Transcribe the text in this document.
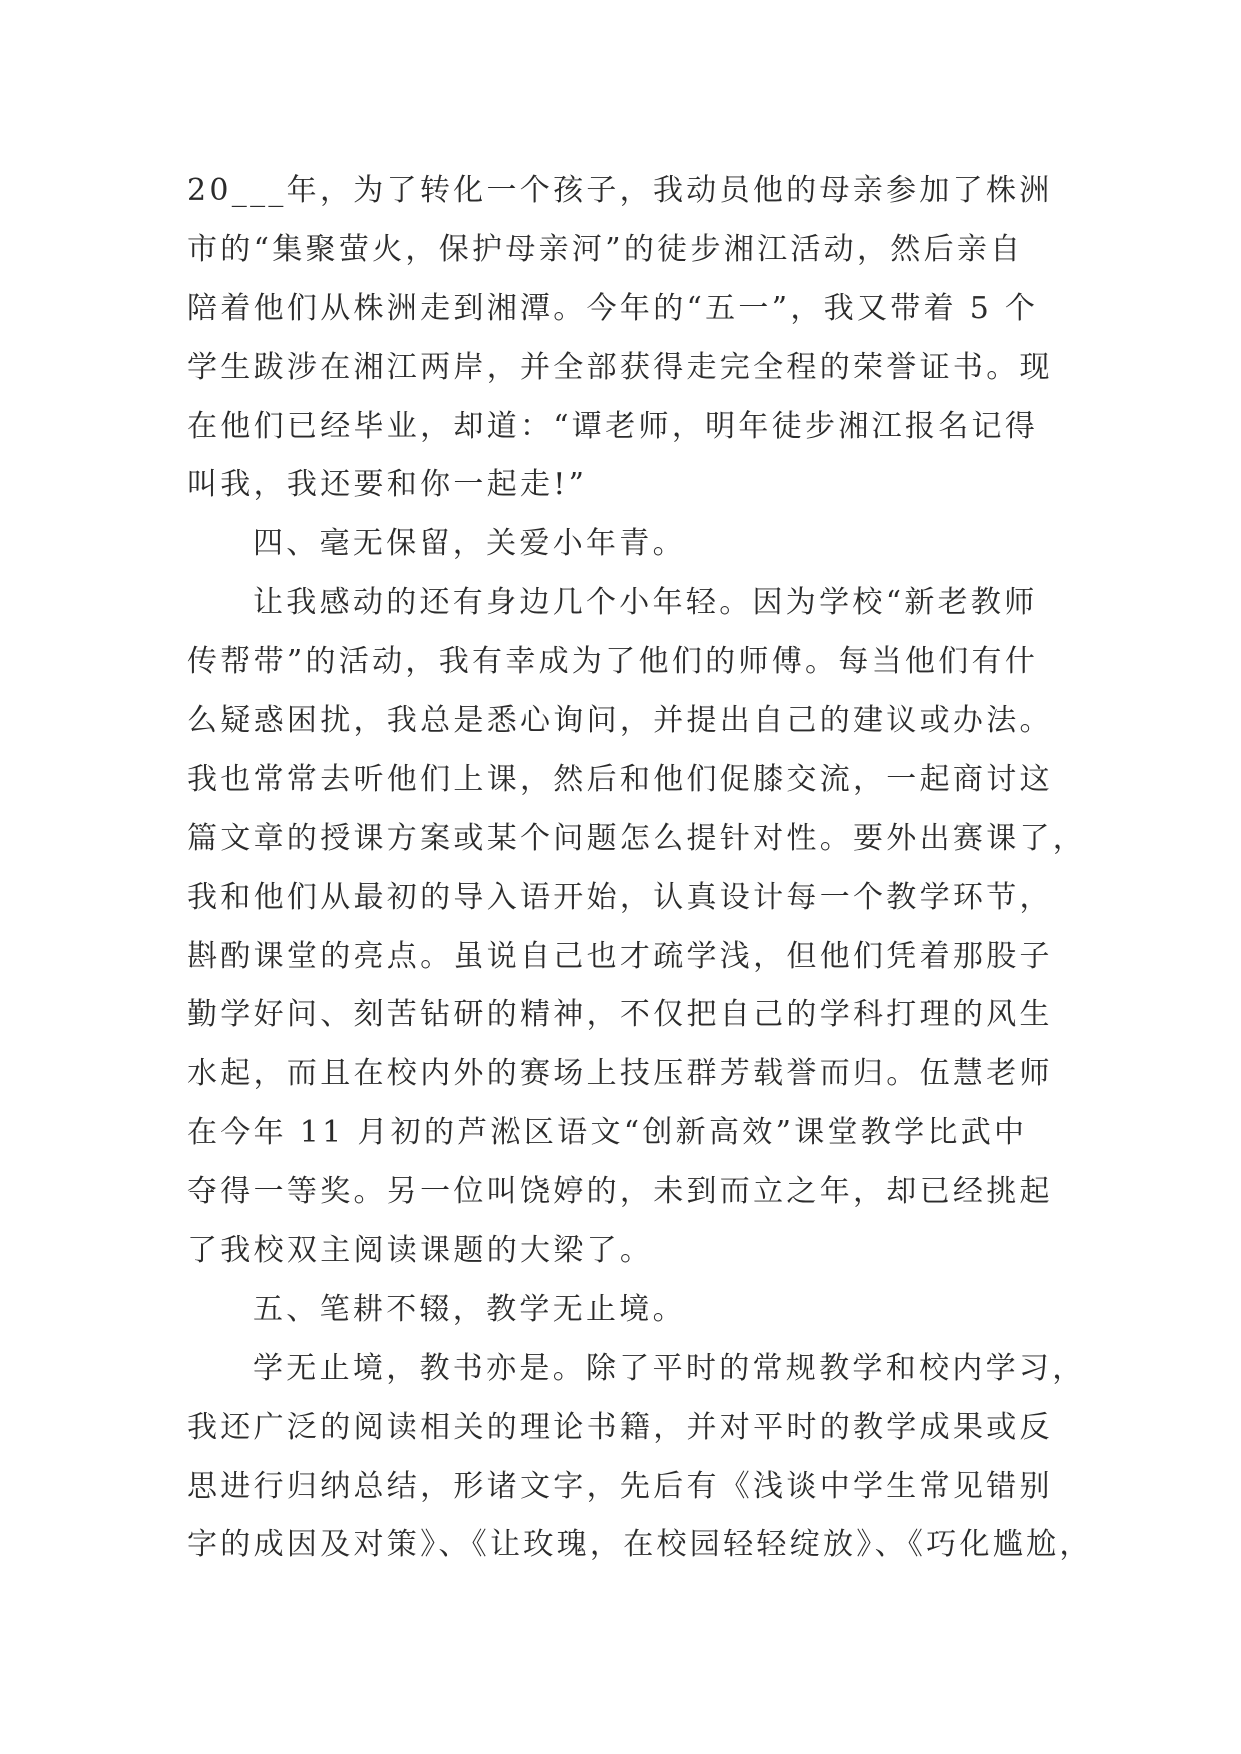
20___年，为了转化一个孩子，我动员他的母亲参加了株洲
市的“集聚萤火，保护母亲河”的徒步湘江活动，然后亲自
陪着他们从株洲走到湘潭。今年的“五一”，我又带着 5 个
学生跋涉在湘江两岸，并全部获得走完全程的荣誉证书。现
在他们已经毕业，却道：“谭老师，明年徒步湘江报名记得
叫我，我还要和你一起走!”
四、毫无保留，关爱小年青。
让我感动的还有身边几个小年轻。因为学校“新老教师
传帮带”的活动，我有幸成为了他们的师傅。每当他们有什
么疑惑困扰，我总是悉心询问，并提出自己的建议或办法。
我也常常去听他们上课，然后和他们促膝交流，一起商讨这
篇文章的授课方案或某个问题怎么提针对性。要外出赛课了，
我和他们从最初的导入语开始，认真设计每一个教学环节，
斟酌课堂的亮点。虽说自己也才疏学浅，但他们凭着那股子
勤学好问、刻苦钻研的精神，不仅把自己的学科打理的风生
水起，而且在校内外的赛场上技压群芳载誉而归。伍慧老师
在今年 11 月初的芦淞区语文“创新高效”课堂教学比武中
夺得一等奖。另一位叫饶婷的，未到而立之年，却已经挑起
了我校双主阅读课题的大梁了。
五、笔耕不辍，教学无止境。
学无止境，教书亦是。除了平时的常规教学和校内学习，
我还广泛的阅读相关的理论书籍，并对平时的教学成果或反
思进行归纳总结，形诸文字，先后有《浅谈中学生常见错别
字的成因及对策》、《让玫瑰，在校园轻轻绽放》、《巧化尴尬，
